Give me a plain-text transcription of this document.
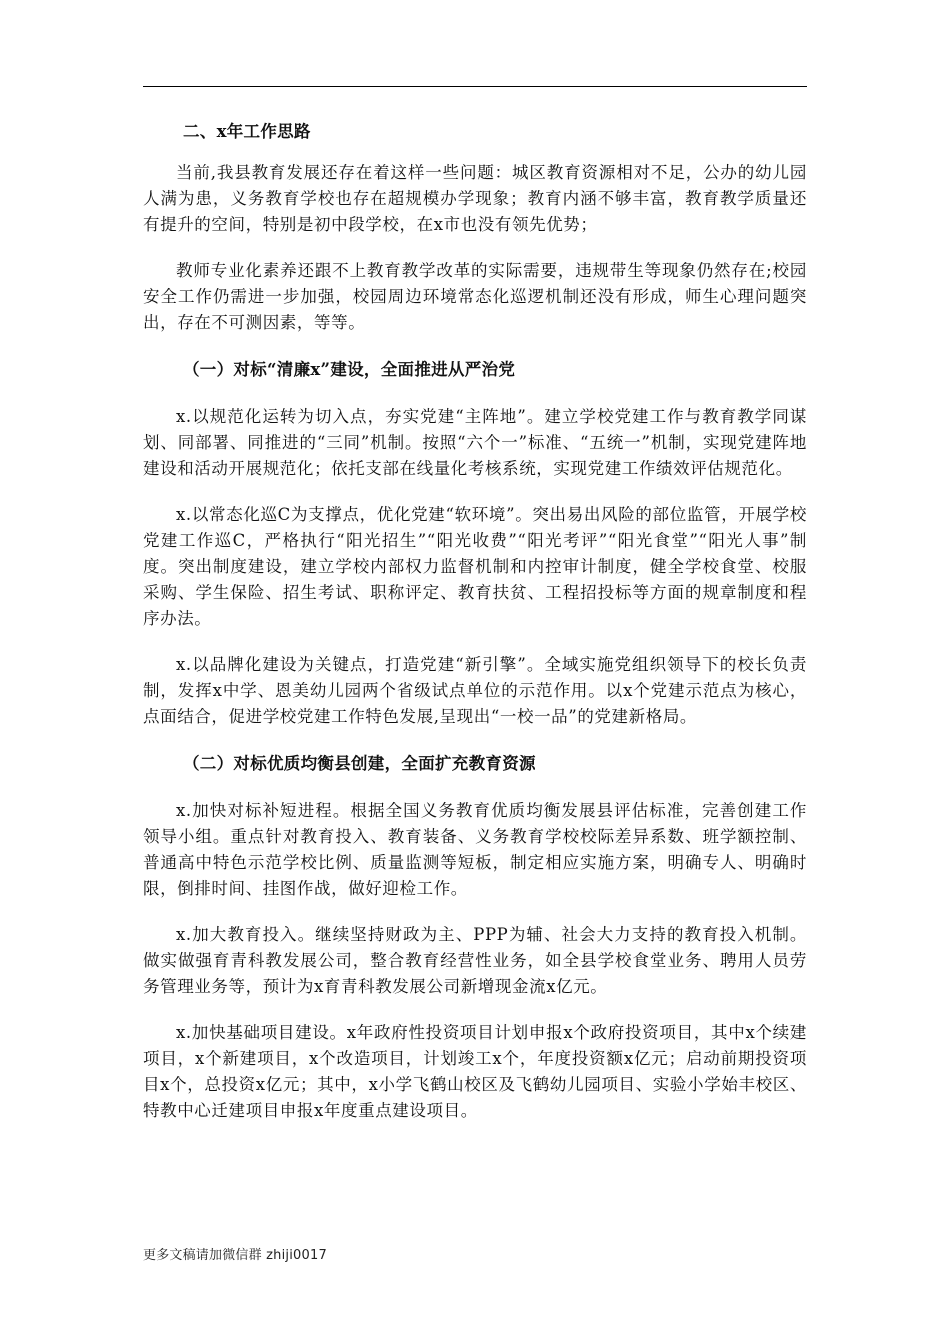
二、x年工作思路

当前,我县教育发展还存在着这样一些问题：城区教育资源相对不足，公办的幼儿园人满为患，义务教育学校也存在超规模办学现象；教育内涵不够丰富，教育教学质量还有提升的空间，特别是初中段学校，在x市也没有领先优势；

教师专业化素养还跟不上教育教学改革的实际需要，违规带生等现象仍然存在;校园安全工作仍需进一步加强，校园周边环境常态化巡逻机制还没有形成，师生心理问题突出，存在不可测因素，等等。

（一）对标“清廉x”建设，全面推进从严治党

x.以规范化运转为切入点，夯实党建“主阵地”。建立学校党建工作与教育教学同谋划、同部署、同推进的“三同”机制。按照“六个一”标准、“五统一”机制，实现党建阵地建设和活动开展规范化；依托支部在线量化考核系统，实现党建工作绩效评估规范化。

x.以常态化巡C为支撑点，优化党建“软环境”。突出易出风险的部位监管，开展学校党建工作巡C，严格执行“阳光招生”“阳光收费”“阳光考评”“阳光食堂”“阳光人事”制度。突出制度建设，建立学校内部权力监督机制和内控审计制度，健全学校食堂、校服采购、学生保险、招生考试、职称评定、教育扶贫、工程招投标等方面的规章制度和程序办法。

x.以品牌化建设为关键点，打造党建“新引擎”。全域实施党组织领导下的校长负责制，发挥x中学、恩美幼儿园两个省级试点单位的示范作用。以x个党建示范点为核心，点面结合，促进学校党建工作特色发展,呈现出“一校一品”的党建新格局。

（二）对标优质均衡县创建，全面扩充教育资源

x.加快对标补短进程。根据全国义务教育优质均衡发展县评估标准，完善创建工作领导小组。重点针对教育投入、教育装备、义务教育学校校际差异系数、班学额控制、普通高中特色示范学校比例、质量监测等短板，制定相应实施方案，明确专人、明确时限，倒排时间、挂图作战，做好迎检工作。

x.加大教育投入。继续坚持财政为主、PPP为辅、社会大力支持的教育投入机制。做实做强育青科教发展公司，整合教育经营性业务，如全县学校食堂业务、聘用人员劳务管理业务等，预计为x育青科教发展公司新增现金流x亿元。

x.加快基础项目建设。x年政府性投资项目计划申报x个政府投资项目，其中x个续建项目，x个新建项目，x个改造项目，计划竣工x个，年度投资额x亿元；启动前期投资项目x个，总投资x亿元；其中，x小学飞鹤山校区及飞鹤幼儿园项目、实验小学始丰校区、特教中心迁建项目申报x年度重点建设项目。

更多文稿请加微信群 zhiji0017
